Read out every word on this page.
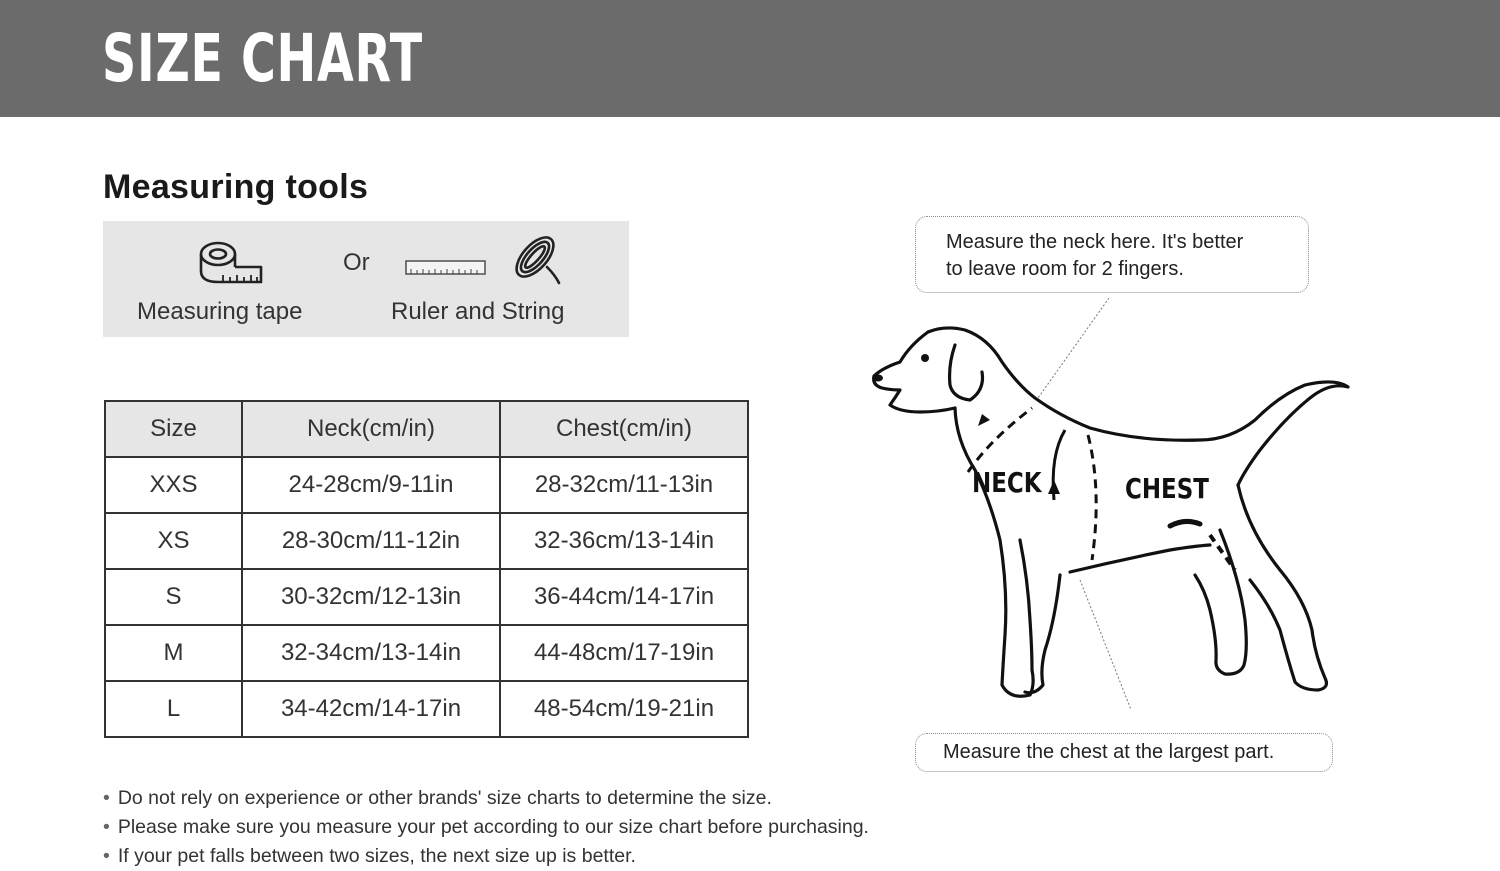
SIZE CHART
Measuring tools
Measuring tape
Or
Ruler and String
Size	Neck(cm/in)	Chest(cm/in)
XXS	24-28cm/9-11in	28-32cm/11-13in
XS	28-30cm/11-12in	32-36cm/13-14in
S	30-32cm/12-13in	36-44cm/14-17in
M	32-34cm/13-14in	44-48cm/17-19in
L	34-42cm/14-17in	48-54cm/19-21in
• Do not rely on experience or other brands' size charts to determine the size.
• Please make sure you measure your pet according to our size chart before purchasing.
• If your pet falls between two sizes, the next size up is better.
Measure the neck here. It's better
to leave room for 2 fingers.
Measure the chest at the largest part.
NECK	CHEST
